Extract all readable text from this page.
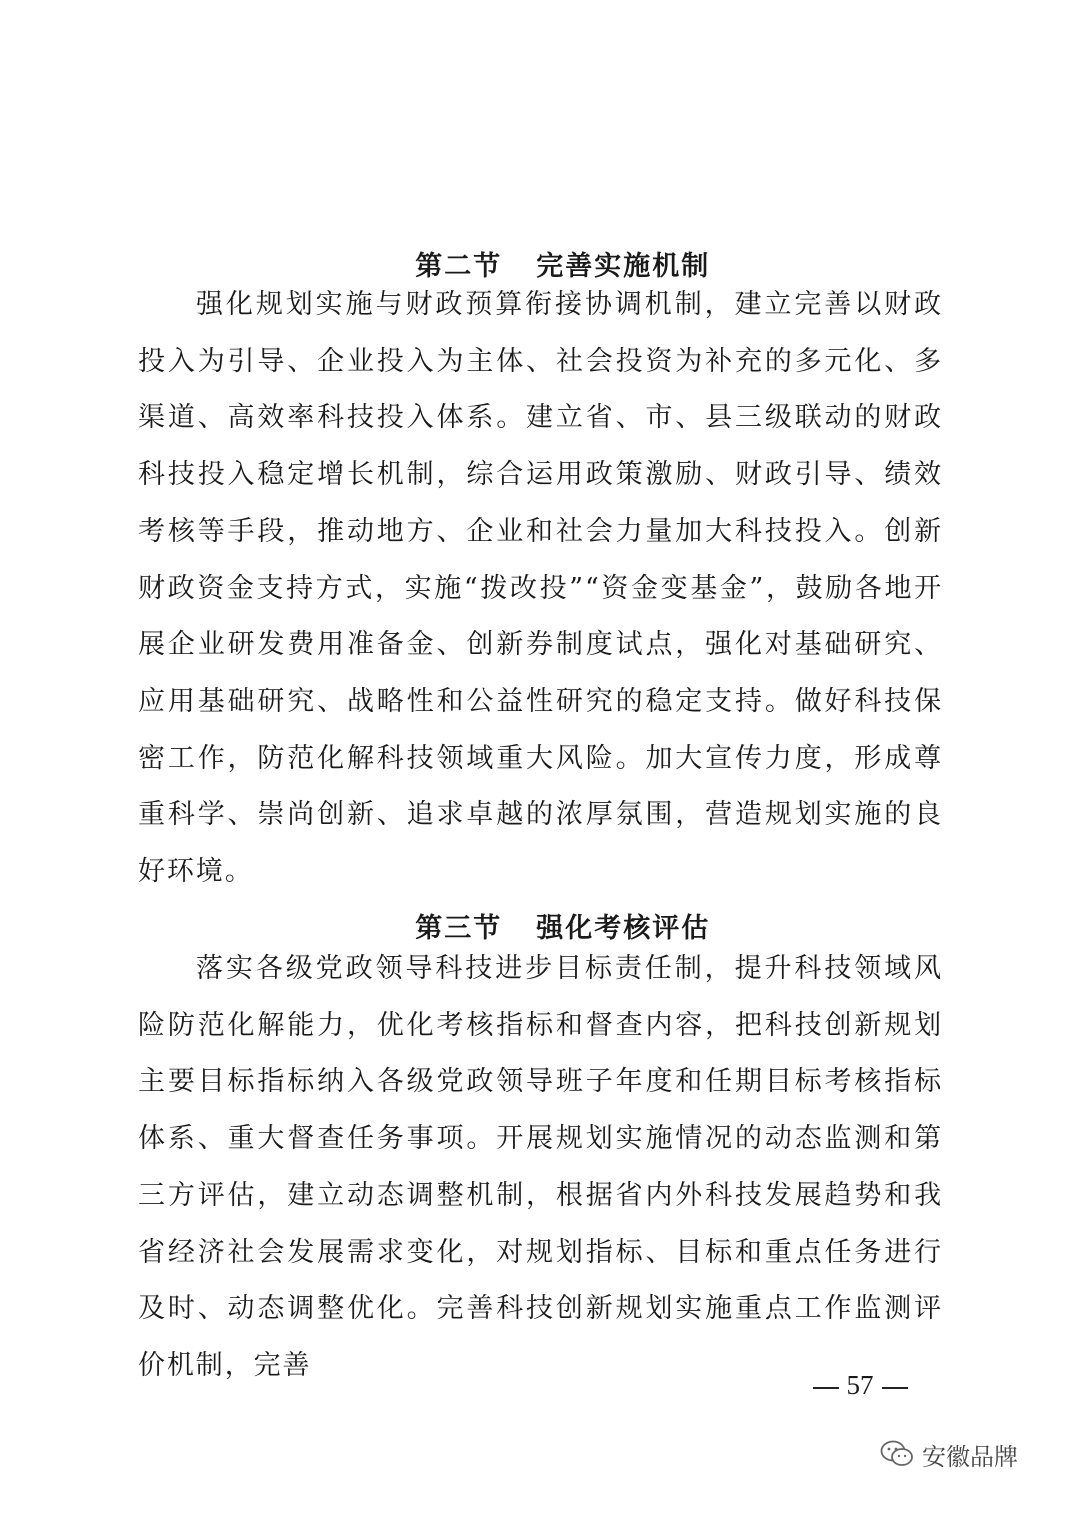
第二节 完善实施机制

强化规划实施与财政预算衔接协调机制，建立完善以财政投入为引导、企业投入为主体、社会投资为补充的多元化、多渠道、高效率科技投入体系。建立省、市、县三级联动的财政科技投入稳定增长机制，综合运用政策激励、财政引导、绩效考核等手段，推动地方、企业和社会力量加大科技投入。创新财政资金支持方式，实施“拨改投”“资金变基金”，鼓励各地开展企业研发费用准备金、创新券制度试点，强化对基础研究、应用基础研究、战略性和公益性研究的稳定支持。做好科技保密工作，防范化解科技领域重大风险。加大宣传力度，形成尊重科学、崇尚创新、追求卓越的浓厚氛围，营造规划实施的良好环境。

第三节 强化考核评估

落实各级党政领导科技进步目标责任制，提升科技领域风险防范化解能力，优化考核指标和督查内容，把科技创新规划主要目标指标纳入各级党政领导班子年度和任期目标考核指标体系、重大督查任务事项。开展规划实施情况的动态监测和第三方评估，建立动态调整机制，根据省内外科技发展趋势和我省经济社会发展需求变化，对规划指标、目标和重点任务进行及时、动态调整优化。完善科技创新规划实施重点工作监测评价机制，完善

57
安徽品牌
